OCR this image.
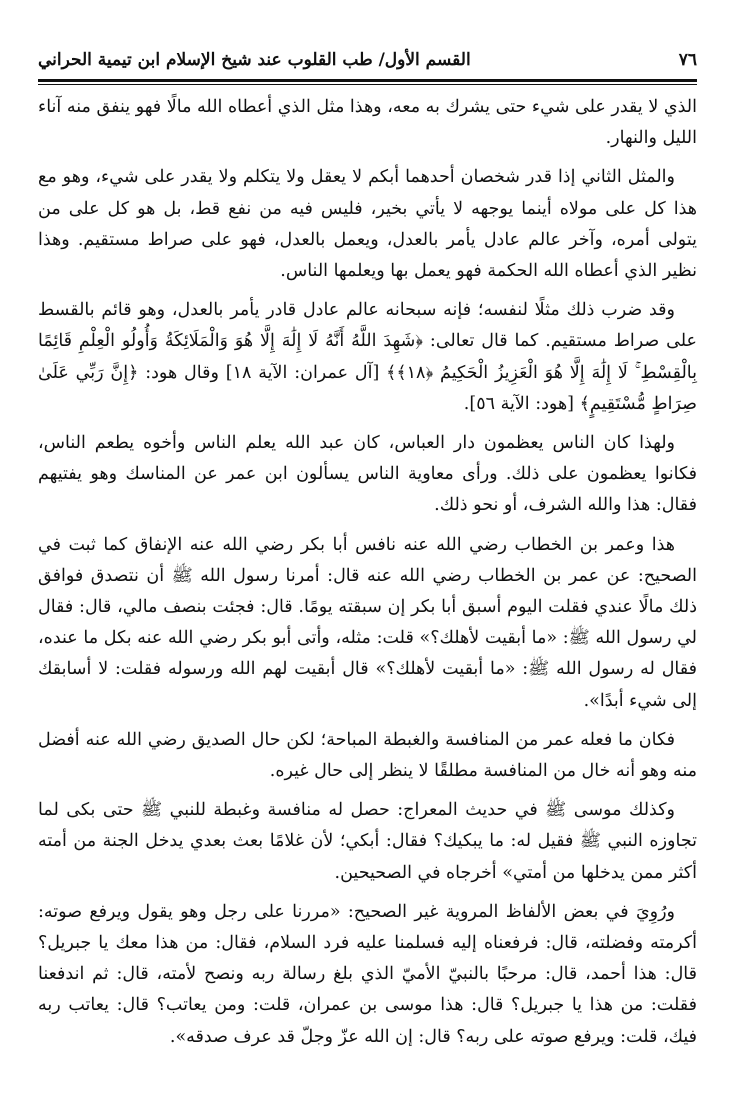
٧٦
القسم الأول/ طب القلوب عند شيخ الإسلام ابن تيمية الحراني

الذي لا يقدر على شيء حتى يشرك به معه، وهذا مثل الذي أعطاه الله مالًا فهو ينفق منه آناء الليل والنهار.

والمثل الثاني إذا قدر شخصان أحدهما أبكم لا يعقل ولا يتكلم ولا يقدر على شيء، وهو مع هذا كل على مولاه أينما يوجهه لا يأتي بخير، فليس فيه من نفع قط، بل هو كل على من يتولى أمره، وآخر عالم عادل يأمر بالعدل، ويعمل بالعدل، فهو على صراط مستقيم. وهذا نظير الذي أعطاه الله الحكمة فهو يعمل بها ويعلمها الناس.

وقد ضرب ذلك مثلًا لنفسه؛ فإنه سبحانه عالم عادل قادر يأمر بالعدل، وهو قائم بالقسط على صراط مستقيم. كما قال تعالى: ﴿شَهِدَ اللَّهُ أَنَّهُ لَا إِلَٰهَ إِلَّا هُوَ وَالْمَلَائِكَةُ وَأُولُو الْعِلْمِ قَائِمًا بِالْقِسْطِ ۚ لَا إِلَٰهَ إِلَّا هُوَ الْعَزِيزُ الْحَكِيمُ ﴿١٨﴾﴾ [آل عمران: الآية ١٨] وقال هود: ﴿إِنَّ رَبِّي عَلَىٰ صِرَاطٍ مُّسْتَقِيمٍ﴾ [هود: الآية ٥٦].

ولهذا كان الناس يعظمون دار العباس، كان عبد الله يعلم الناس وأخوه يطعم الناس، فكانوا يعظمون على ذلك. ورأى معاوية الناس يسألون ابن عمر عن المناسك وهو يفتيهم فقال: هذا والله الشرف، أو نحو ذلك.

هذا وعمر بن الخطاب رضي الله عنه نافس أبا بكر رضي الله عنه الإنفاق كما ثبت في الصحيح: عن عمر بن الخطاب رضي الله عنه قال: أمرنا رسول الله ﷺ أن نتصدق فوافق ذلك مالًا عندي فقلت اليوم أسبق أبا بكر إن سبقته يومًا. قال: فجئت بنصف مالي، قال: فقال لي رسول الله ﷺ: «ما أبقيت لأهلك؟» قلت: مثله، وأتى أبو بكر رضي الله عنه بكل ما عنده، فقال له رسول الله ﷺ: «ما أبقيت لأهلك؟» قال أبقيت لهم الله ورسوله فقلت: لا أسابقك إلى شيء أبدًا».

فكان ما فعله عمر من المنافسة والغبطة المباحة؛ لكن حال الصديق رضي الله عنه أفضل منه وهو أنه خال من المنافسة مطلقًا لا ينظر إلى حال غيره.

وكذلك موسى ﷺ في حديث المعراج: حصل له منافسة وغبطة للنبي ﷺ حتى بكى لما تجاوزه النبي ﷺ فقيل له: ما يبكيك؟ فقال: أبكي؛ لأن غلامًا بعث بعدي يدخل الجنة من أمته أكثر ممن يدخلها من أمتي» أخرجاه في الصحيحين.

ورُوِيَ في بعض الألفاظ المروية غير الصحيح: «مررنا على رجل وهو يقول ويرفع صوته: أكرمته وفضلته، قال: فرفعناه إليه فسلمنا عليه فرد السلام، فقال: من هذا معك يا جبريل؟ قال: هذا أحمد، قال: مرحبًا بالنبيّ الأميّ الذي بلغ رسالة ربه ونصح لأمته، قال: ثم اندفعنا فقلت: من هذا يا جبريل؟ قال: هذا موسى بن عمران، قلت: ومن يعاتب؟ قال: يعاتب ربه فيك، قلت: ويرفع صوته على ربه؟ قال: إن الله عزّ وجلّ قد عرف صدقه».
